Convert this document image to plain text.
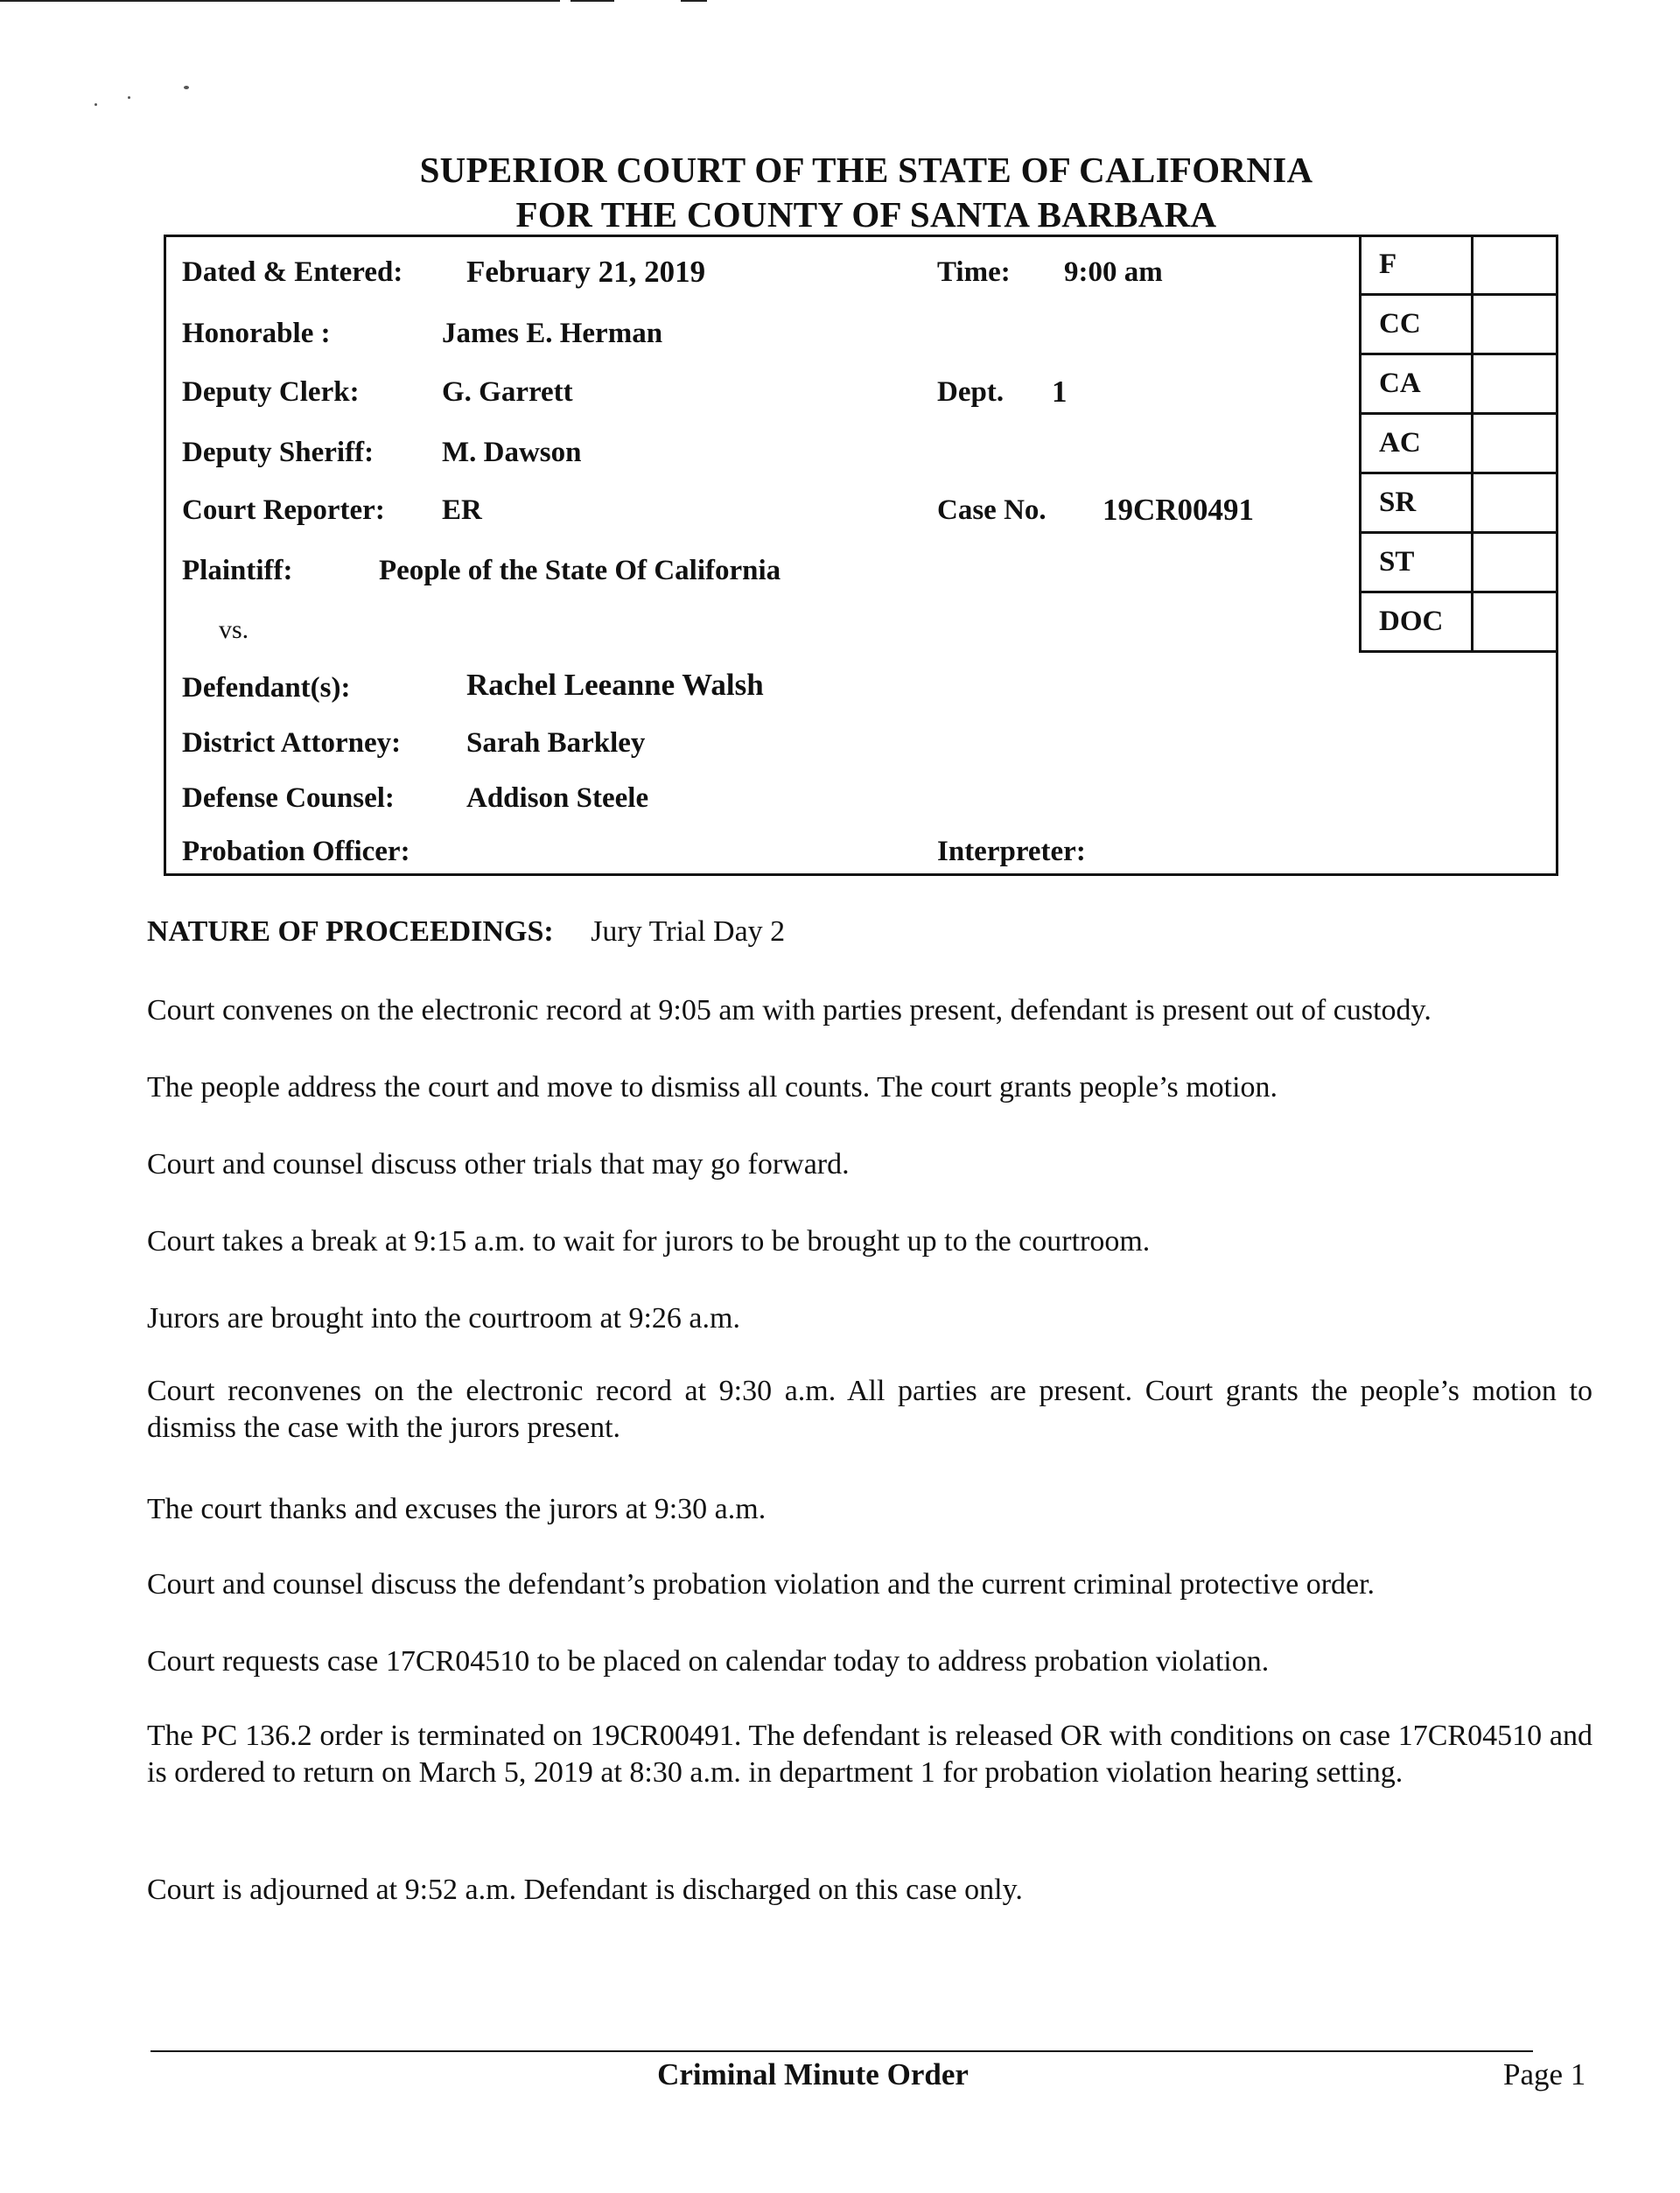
SUPERIOR COURT OF THE STATE OF CALIFORNIA
FOR THE COUNTY OF SANTA BARBARA
Dated & Entered: February 21, 2019	Time: 9:00 am
Honorable :	James E. Herman
Deputy Clerk:	G. Garrett	Dept. 1
Deputy Sheriff: M. Dawson
Court Reporter: ER	Case No. 19CR00491
Plaintiff:	People of the State Of California
vs.
Defendant(s):	Rachel Leeanne Walsh
District Attorney: Sarah Barkley
Defense Counsel: Addison Steele
Probation Officer:	Interpreter:
F
CC
CA
AC
SR
ST
DOC
NATURE OF PROCEEDINGS: Jury Trial Day 2
Court convenes on the electronic record at 9:05 am with parties present, defendant is present out of custody.
The people address the court and move to dismiss all counts. The court grants people’s motion.
Court and counsel discuss other trials that may go forward.
Court takes a break at 9:15 a.m. to wait for jurors to be brought up to the courtroom.
Jurors are brought into the courtroom at 9:26 a.m.
Court reconvenes on the electronic record at 9:30 a.m. All parties are present. Court grants the people’s motion to dismiss the case with the jurors present.
The court thanks and excuses the jurors at 9:30 a.m.
Court and counsel discuss the defendant’s probation violation and the current criminal protective order.
Court requests case 17CR04510 to be placed on calendar today to address probation violation.
The PC 136.2 order is terminated on 19CR00491. The defendant is released OR with conditions on case 17CR04510 and is ordered to return on March 5, 2019 at 8:30 a.m. in department 1 for probation violation hearing setting.
Court is adjourned at 9:52 a.m. Defendant is discharged on this case only.
Criminal Minute Order	Page 1
